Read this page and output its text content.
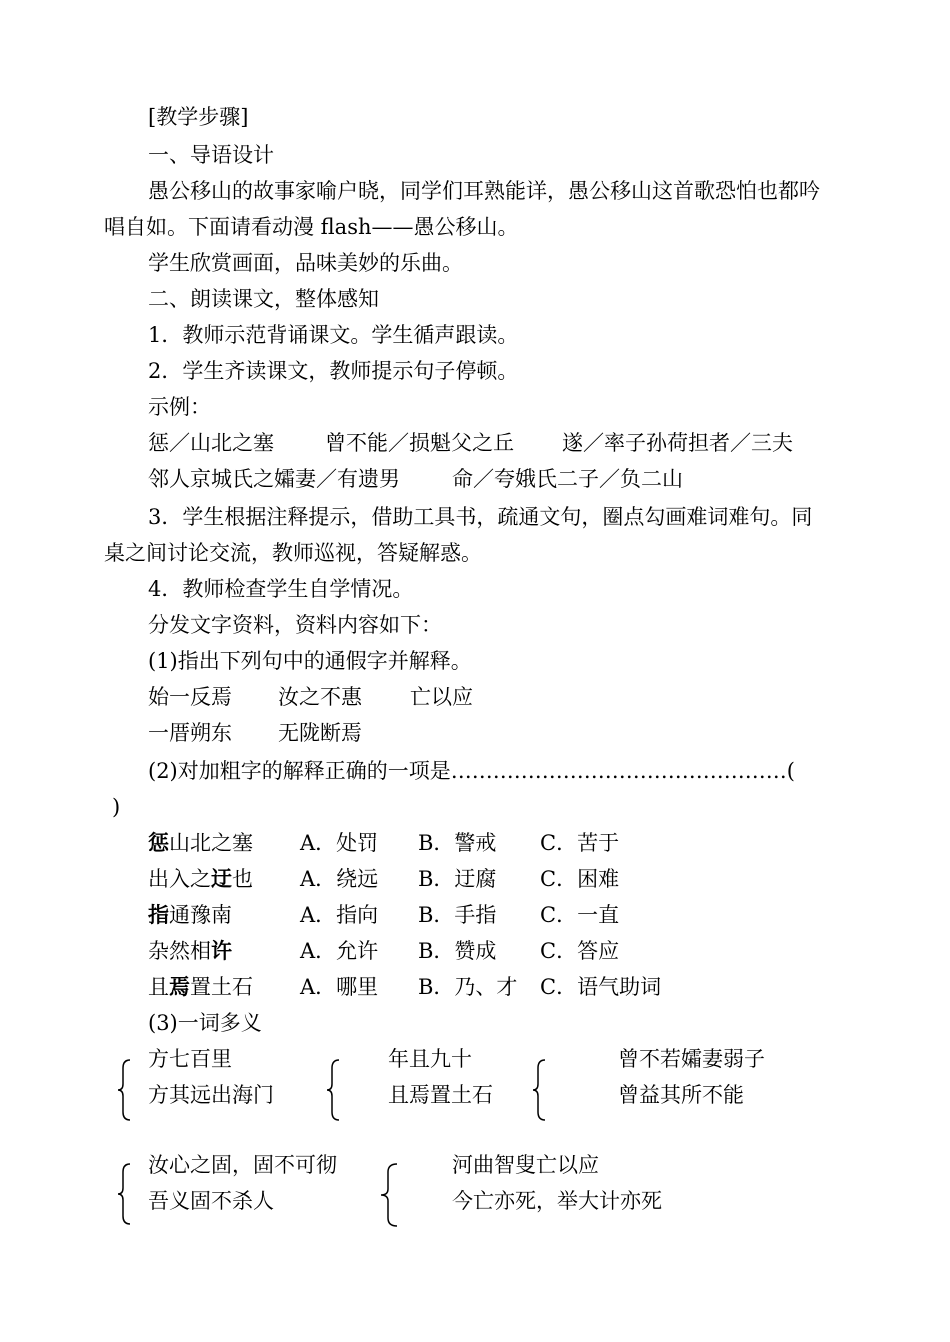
[教学步骤]
一、导语设计
愚公移山的故事家喻户晓，同学们耳熟能详，愚公移山这首歌恐怕也都吟
唱自如。下面请看动漫 flash——愚公移山。
学生欣赏画面，品味美妙的乐曲。
二、朗读课文，整体感知
1．教师示范背诵课文。学生循声跟读。
2．学生齐读课文，教师提示句子停顿。
示例：
惩／山北之塞 曾不能／损魁父之丘 遂／率子孙荷担者／三夫
邻人京城氏之孀妻／有遗男 命／夸娥氏二子／负二山
3．学生根据注释提示，借助工具书，疏通文句，圈点勾画难词难句。同
桌之间讨论交流，教师巡视，答疑解惑。
4．教师检查学生自学情况。
分发文字资料，资料内容如下：
(1)指出下列句中的通假字并解释。
始一反焉 汝之不惠 亡以应
一厝朔东 无陇断焉
(2)对加粗字的解释正确的一项是…………………………………………(
)
惩山北之塞 A．处罚 B．警戒 C．苦于
出入之迂也 A．绕远 B．迂腐 C．困难
指通豫南	A．指向 B．手指 C．一直
杂然相许	A．允许 B．赞成 C．答应
且焉置土石 A．哪里 B．乃、才 C．语气助词
(3)一词多义
方七百里
方其远出海门
年且九十
且焉置土石
曾不若孀妻弱子
曾益其所不能
汝心之固，固不可彻
吾义固不杀人
河曲智叟亡以应
今亡亦死，举大计亦死
